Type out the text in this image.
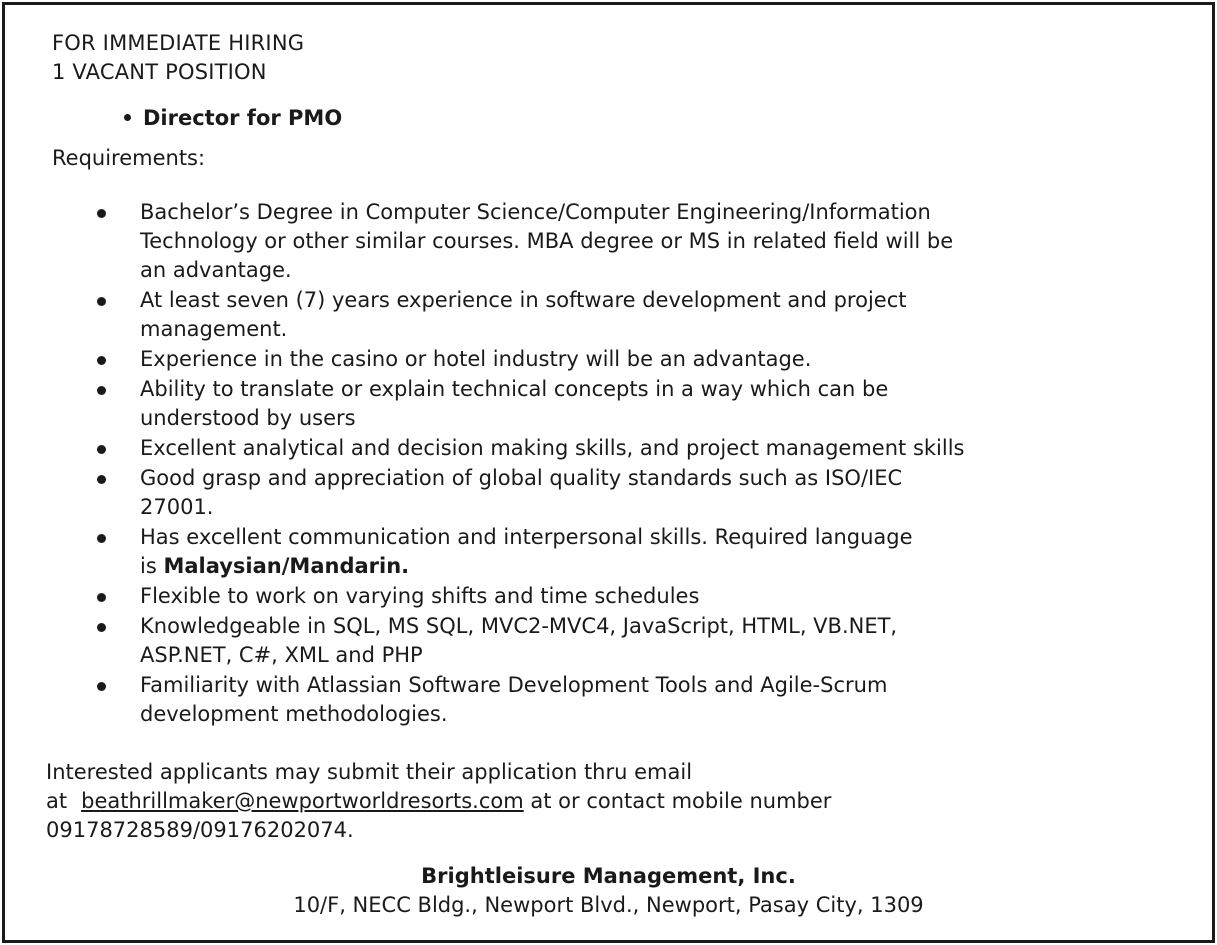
FOR IMMEDIATE HIRING
1 VACANT POSITION
Director for PMO
Requirements:
Bachelor’s Degree in Computer Science/Computer Engineering/Information
Technology or other similar courses. MBA degree or MS in related field will be
an advantage.
At least seven (7) years experience in software development and project
management.
Experience in the casino or hotel industry will be an advantage.
Ability to translate or explain technical concepts in a way which can be
understood by users
Excellent analytical and decision making skills, and project management skills
Good grasp and appreciation of global quality standards such as ISO/IEC
27001.
Has excellent communication and interpersonal skills. Required language
is Malaysian/Mandarin.
Flexible to work on varying shifts and time schedules
Knowledgeable in SQL, MS SQL, MVC2-MVC4, JavaScript, HTML, VB.NET,
ASP.NET, C#, XML and PHP
Familiarity with Atlassian Software Development Tools and Agile-Scrum
development methodologies.
Interested applicants may submit their application thru email
at beathrillmaker@newportworldresorts.com at or contact mobile number
09178728589/09176202074.
Brightleisure Management, Inc.
10/F, NECC Bldg., Newport Blvd., Newport, Pasay City, 1309
